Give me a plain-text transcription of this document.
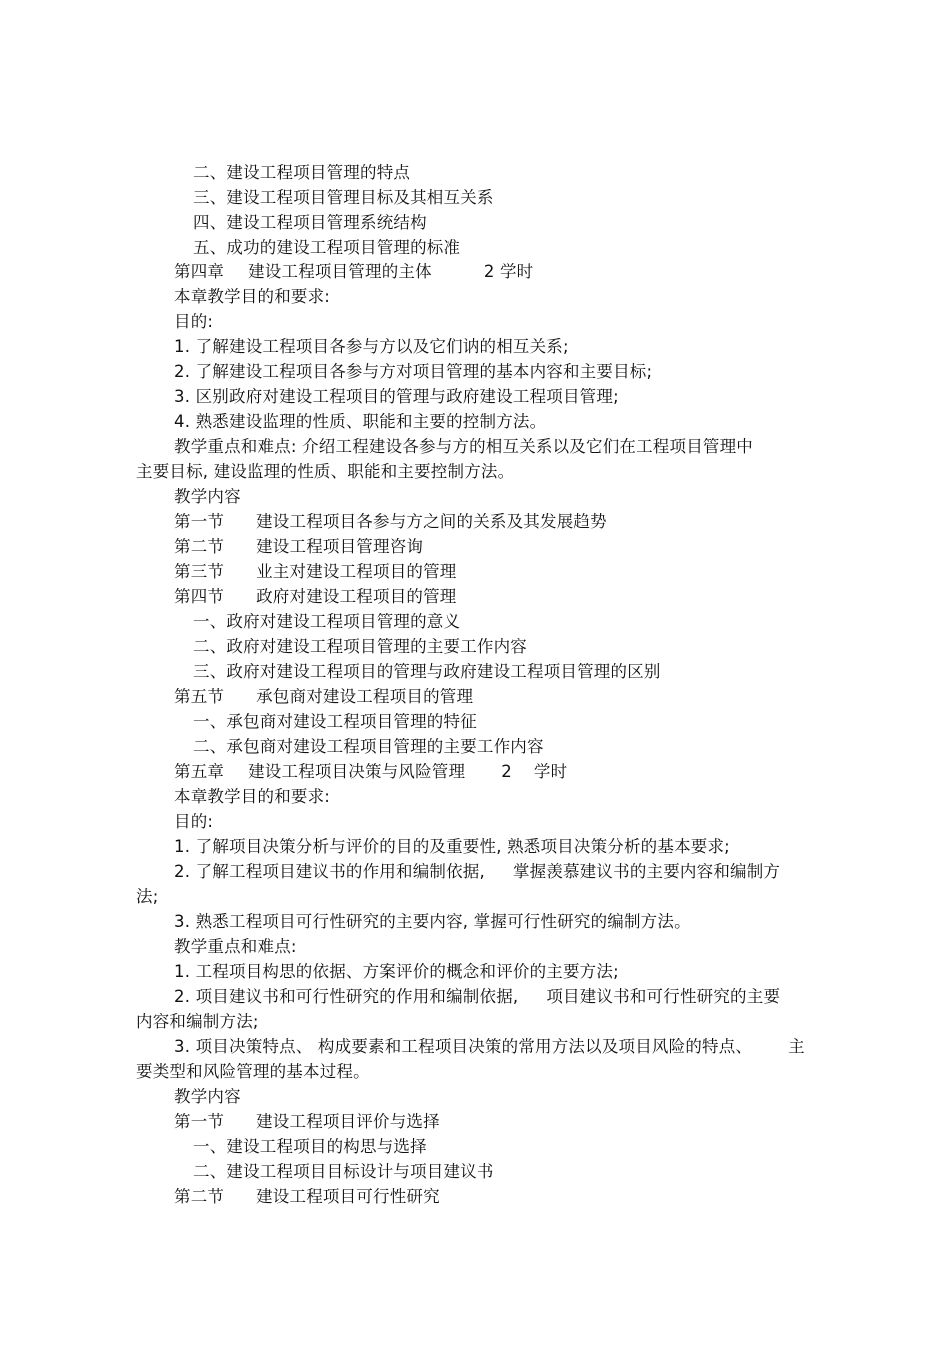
二、建设工程项目管理的特点
三、建设工程项目管理目标及其相互关系
四、建设工程项目管理系统结构
五、成功的建设工程项目管理的标准
第四章 建设工程项目管理的主体	2 学时
本章教学目的和要求:
目的:
1. 了解建设工程项目各参与方以及它们讷的相互关系;
2. 了解建设工程项目各参与方对项目管理的基本内容和主要目标;
3. 区别政府对建设工程项目的管理与政府建设工程项目管理;
4. 熟悉建设监理的性质、职能和主要的控制方法。
教学重点和难点: 介绍工程建设各参与方的相互关系以及它们在工程项目管理中
主要目标, 建设监理的性质、职能和主要控制方法。
教学内容
第一节 建设工程项目各参与方之间的关系及其发展趋势
第二节 建设工程项目管理咨询
第三节 业主对建设工程项目的管理
第四节 政府对建设工程项目的管理
一、政府对建设工程项目管理的意义
二、政府对建设工程项目管理的主要工作内容
三、政府对建设工程项目的管理与政府建设工程项目管理的区别
第五节 承包商对建设工程项目的管理
一、承包商对建设工程项目管理的特征
二、承包商对建设工程项目管理的主要工作内容
第五章 建设工程项目决策与风险管理 2 学时
本章教学目的和要求:
目的:
1. 了解项目决策分析与评价的目的及重要性, 熟悉项目决策分析的基本要求;
2. 了解工程项目建议书的作用和编制依据, 掌握羡慕建议书的主要内容和编制方
法;
3. 熟悉工程项目可行性研究的主要内容, 掌握可行性研究的编制方法。
教学重点和难点:
1. 工程项目构思的依据、方案评价的概念和评价的主要方法;
2. 项目建议书和可行性研究的作用和编制依据, 项目建议书和可行性研究的主要
内容和编制方法;
3. 项目决策特点、 构成要素和工程项目决策的常用方法以及项目风险的特点、 主
要类型和风险管理的基本过程。
教学内容
第一节 建设工程项目评价与选择
一、建设工程项目的构思与选择
二、建设工程项目目标设计与项目建议书
第二节 建设工程项目可行性研究
